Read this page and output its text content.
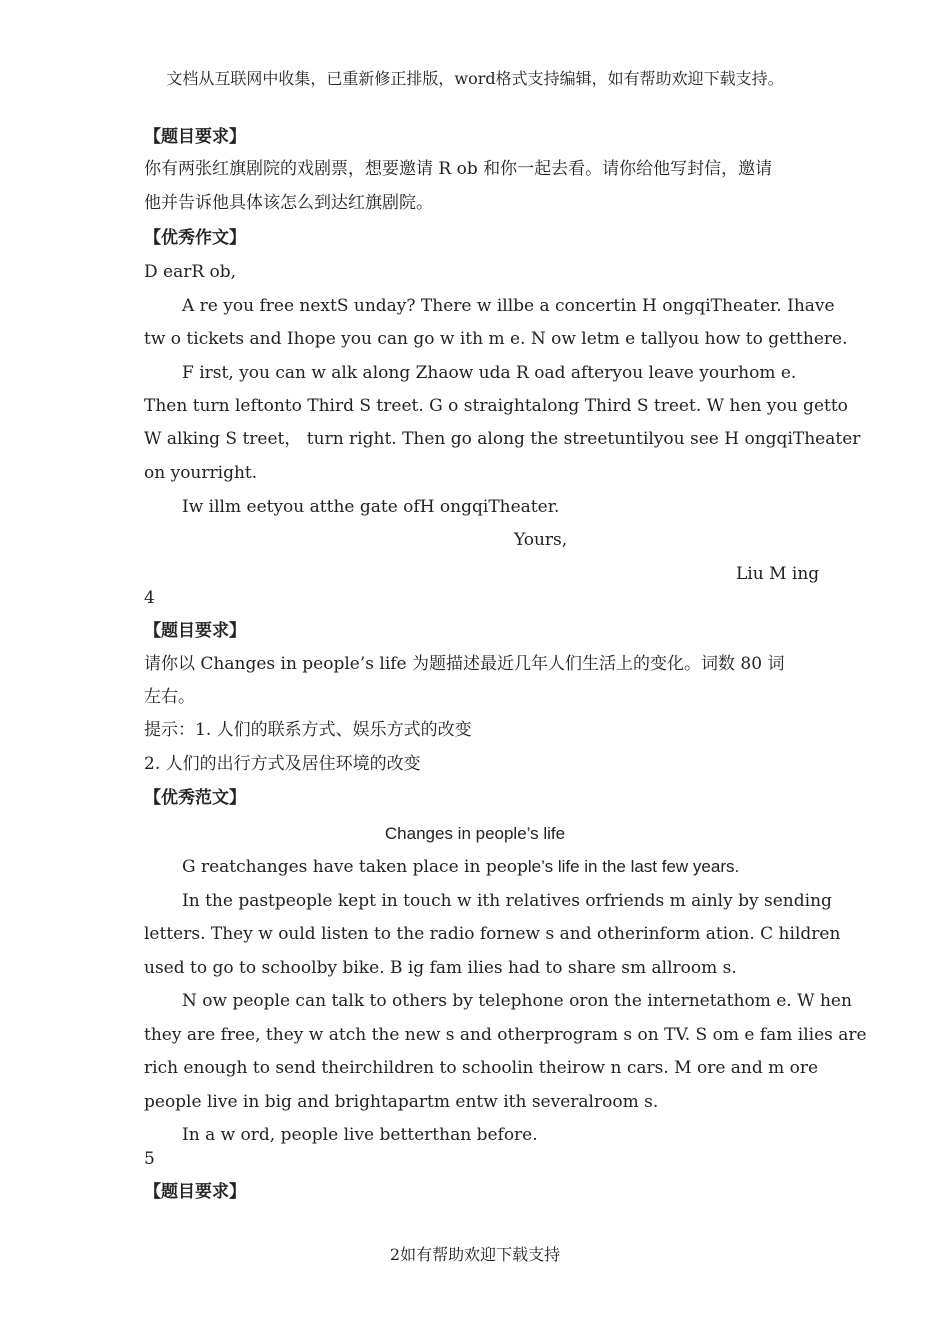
文档从互联网中收集，已重新修正排版，word格式支持编辑，如有帮助欢迎下载支持。
【题目要求】
你有两张红旗剧院的戏剧票，想要邀请 R ob 和你一起去看。请你给他写封信，邀请
他并告诉他具体该怎么到达红旗剧院。
【优秀作文】
D earR ob,
A re you free nextS unday? There w illbe a concertin H ongqiTheater. Ihave
tw o tickets and Ihope you can go w ith m e. N ow letm e tallyou how to getthere.
F irst, you can w alk along Zhaow uda R oad afteryou leave yourhom e.
Then turn leftonto Third S treet. G o straightalong Third S treet. W hen you getto
W alking S treet， turn right. Then go along the streetuntilyou see H ongqiTheater
on yourright.
Iw illm eetyou atthe gate ofH ongqiTheater.
Yours,
Liu M ing
4
【题目要求】
请你以 Changes in people’s life 为题描述最近几年人们生活上的变化。词数 80 词
左右。
提示：1. 人们的联系方式、娱乐方式的改变
2. 人们的出行方式及居住环境的改变
【优秀范文】
Changes in people’s life
G reatchanges have taken place in people’s life in the last few years.
In the pastpeople kept in touch w ith relatives orfriends m ainly by sending
letters. They w ould listen to the radio fornew s and otherinform ation. C hildren
used to go to schoolby bike. B ig fam ilies had to share sm allroom s.
N ow people can talk to others by telephone oron the internetathom e. W hen
they are free, they w atch the new s and otherprogram s on TV. S om e fam ilies are
rich enough to send theirchildren to schoolin theirow n cars. M ore and m ore
people live in big and brightapartm entw ith severalroom s.
In a w ord, people live betterthan before.
5
【题目要求】
2如有帮助欢迎下载支持
